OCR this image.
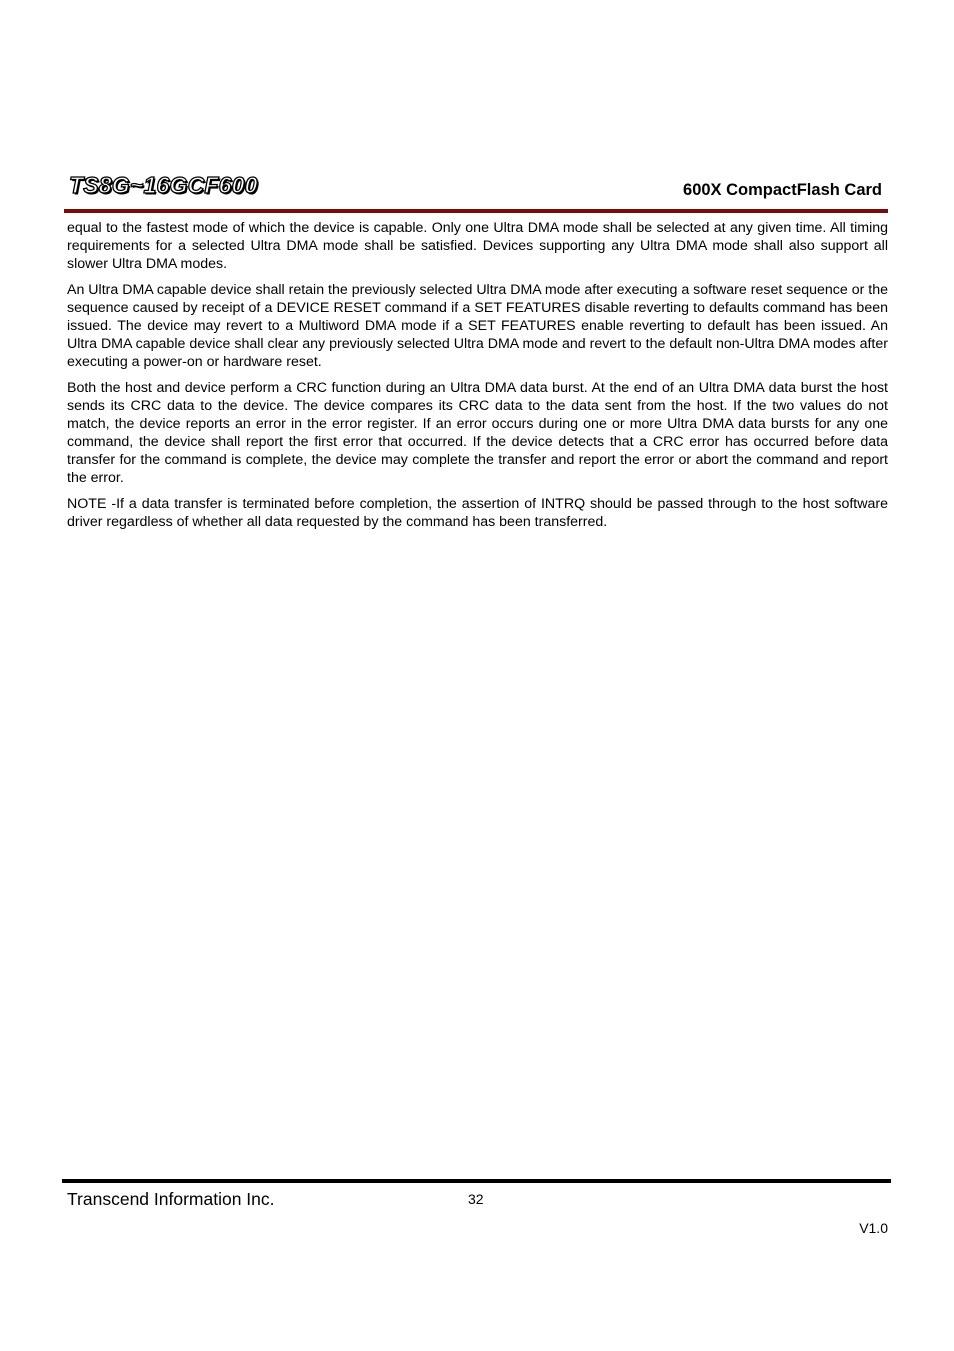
TS8G~16GCF600	600X CompactFlash Card

equal to the fastest mode of which the device is capable. Only one Ultra DMA mode shall be selected at any given time. All timing requirements for a selected Ultra DMA mode shall be satisfied. Devices supporting any Ultra DMA mode shall also support all slower Ultra DMA modes.

An Ultra DMA capable device shall retain the previously selected Ultra DMA mode after executing a software reset sequence or the sequence caused by receipt of a DEVICE RESET command if a SET FEATURES disable reverting to defaults command has been issued. The device may revert to a Multiword DMA mode if a SET FEATURES enable reverting to default has been issued. An Ultra DMA capable device shall clear any previously selected Ultra DMA mode and revert to the default non-Ultra DMA modes after executing a power-on or hardware reset.

Both the host and device perform a CRC function during an Ultra DMA data burst. At the end of an Ultra DMA data burst the host sends its CRC data to the device. The device compares its CRC data to the data sent from the host. If the two values do not match, the device reports an error in the error register. If an error occurs during one or more Ultra DMA data bursts for any one command, the device shall report the first error that occurred. If the device detects that a CRC error has occurred before data transfer for the command is complete, the device may complete the transfer and report the error or abort the command and report the error.

NOTE -If a data transfer is terminated before completion, the assertion of INTRQ should be passed through to the host software driver regardless of whether all data requested by the command has been transferred.

Transcend Information Inc.	32
V1.0
